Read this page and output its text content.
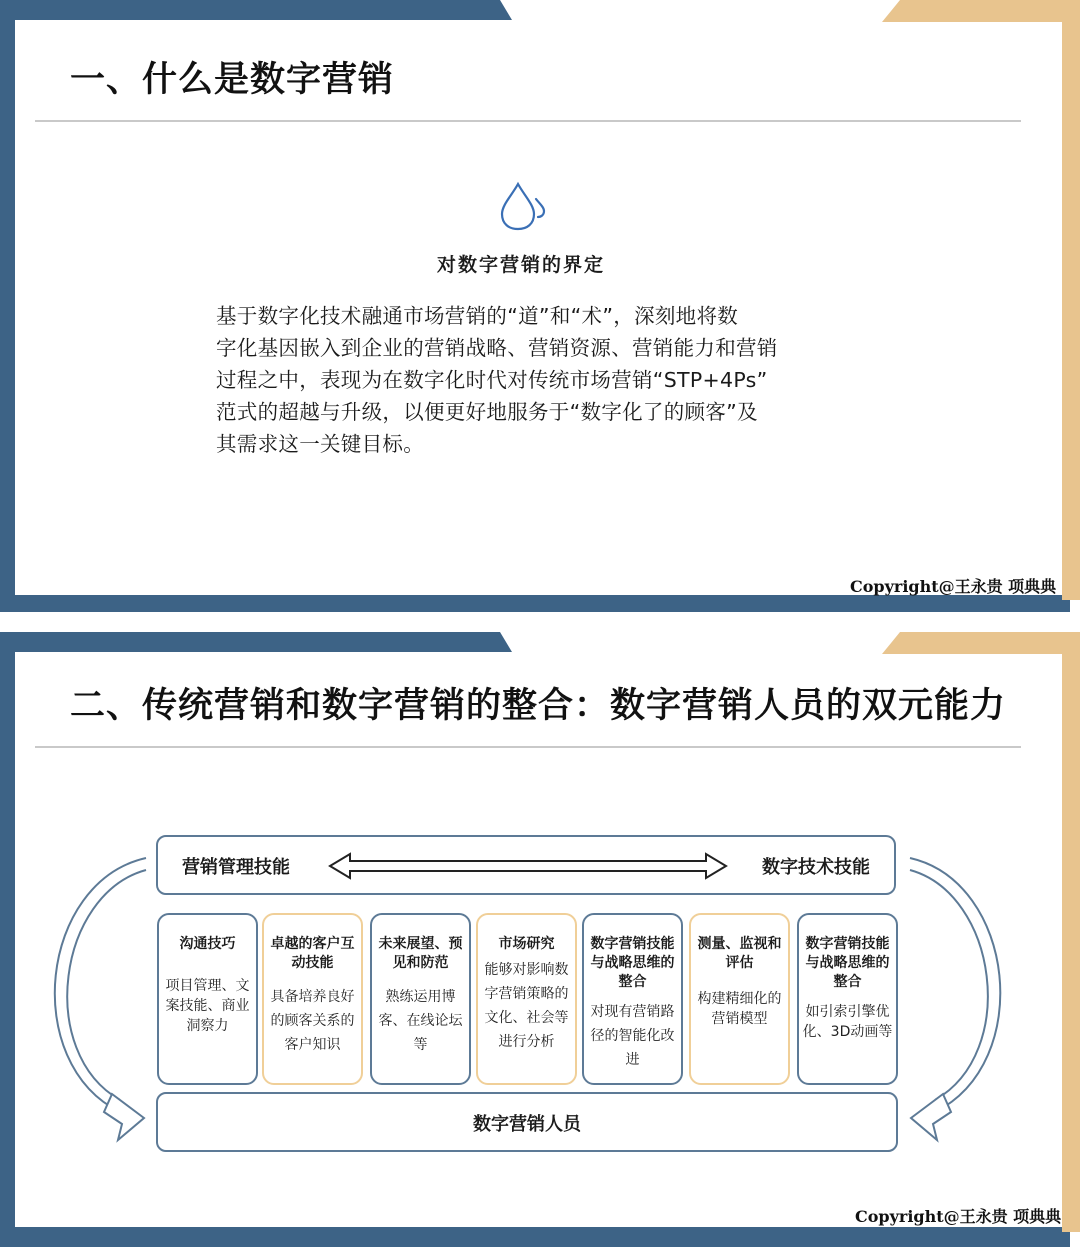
一、什么是数字营销
对数字营销的界定
基于数字化技术融通市场营销的“道”和“术”，深刻地将数
字化基因嵌入到企业的营销战略、营销资源、营销能力和营销
过程之中，表现为在数字化时代对传统市场营销“STP+4Ps”
范式的超越与升级，以便更好地服务于“数字化了的顾客”及
其需求这一关键目标。
Copyright@王永贵 项典典
二、传统营销和数字营销的整合：数字营销人员的双元能力
营销管理技能	数字技术技能
沟通技巧
项目管理、文案技能、商业洞察力
卓越的客户互动技能
具备培养良好的顾客关系的客户知识
未来展望、预见和防范
熟练运用博客、在线论坛等
市场研究
能够对影响数字营销策略的文化、社会等进行分析
数字营销技能与战略思维的整合
对现有营销路径的智能化改进
测量、监视和评估
构建精细化的营销模型
数字营销技能与战略思维的整合
如引索引擎优化、3D动画等
数字营销人员
Copyright@王永贵 项典典
